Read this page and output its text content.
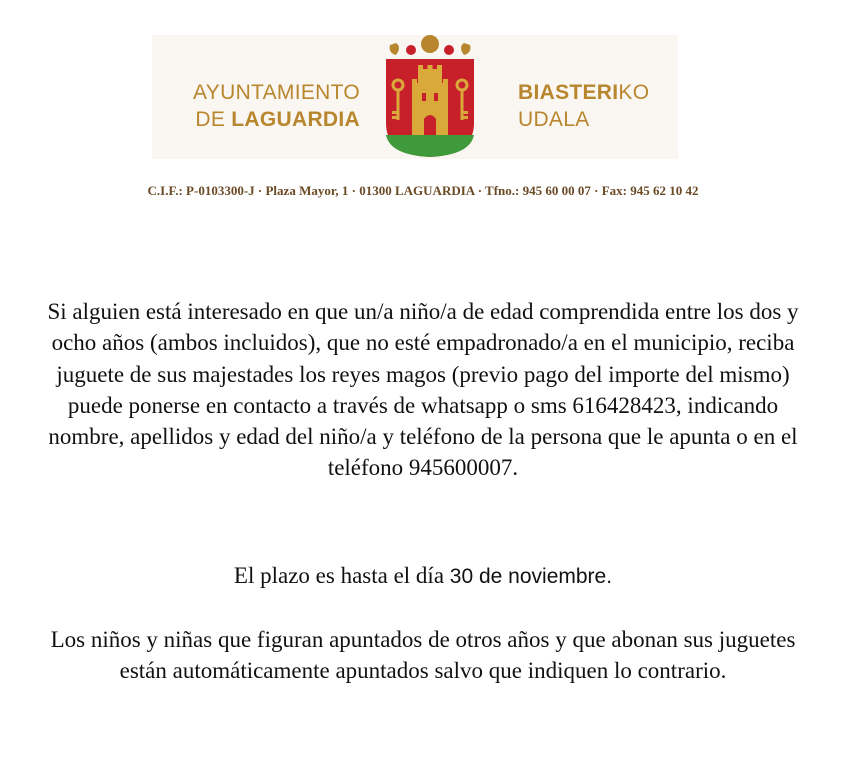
AYUNTAMIENTO
DE LAGUARDIA
BIASTERIKO
UDALA
C.I.F.: P-0103300-J · Plaza Mayor, 1 · 01300 LAGUARDIA · Tfno.: 945 60 00 07 · Fax: 945 62 10 42

Si alguien está interesado en que un/a niño/a de edad comprendida entre los dos y ocho años (ambos incluidos), que no esté empadronado/a en el municipio, reciba juguete de sus majestades los reyes magos (previo pago del importe del mismo) puede ponerse en contacto a través de whatsapp o sms 616428423, indicando nombre, apellidos y edad del niño/a y teléfono de la persona que le apunta o en el teléfono 945600007.

El plazo es hasta el día 30 de noviembre.

Los niños y niñas que figuran apuntados de otros años y que abonan sus juguetes están automáticamente apuntados salvo que indiquen lo contrario.
